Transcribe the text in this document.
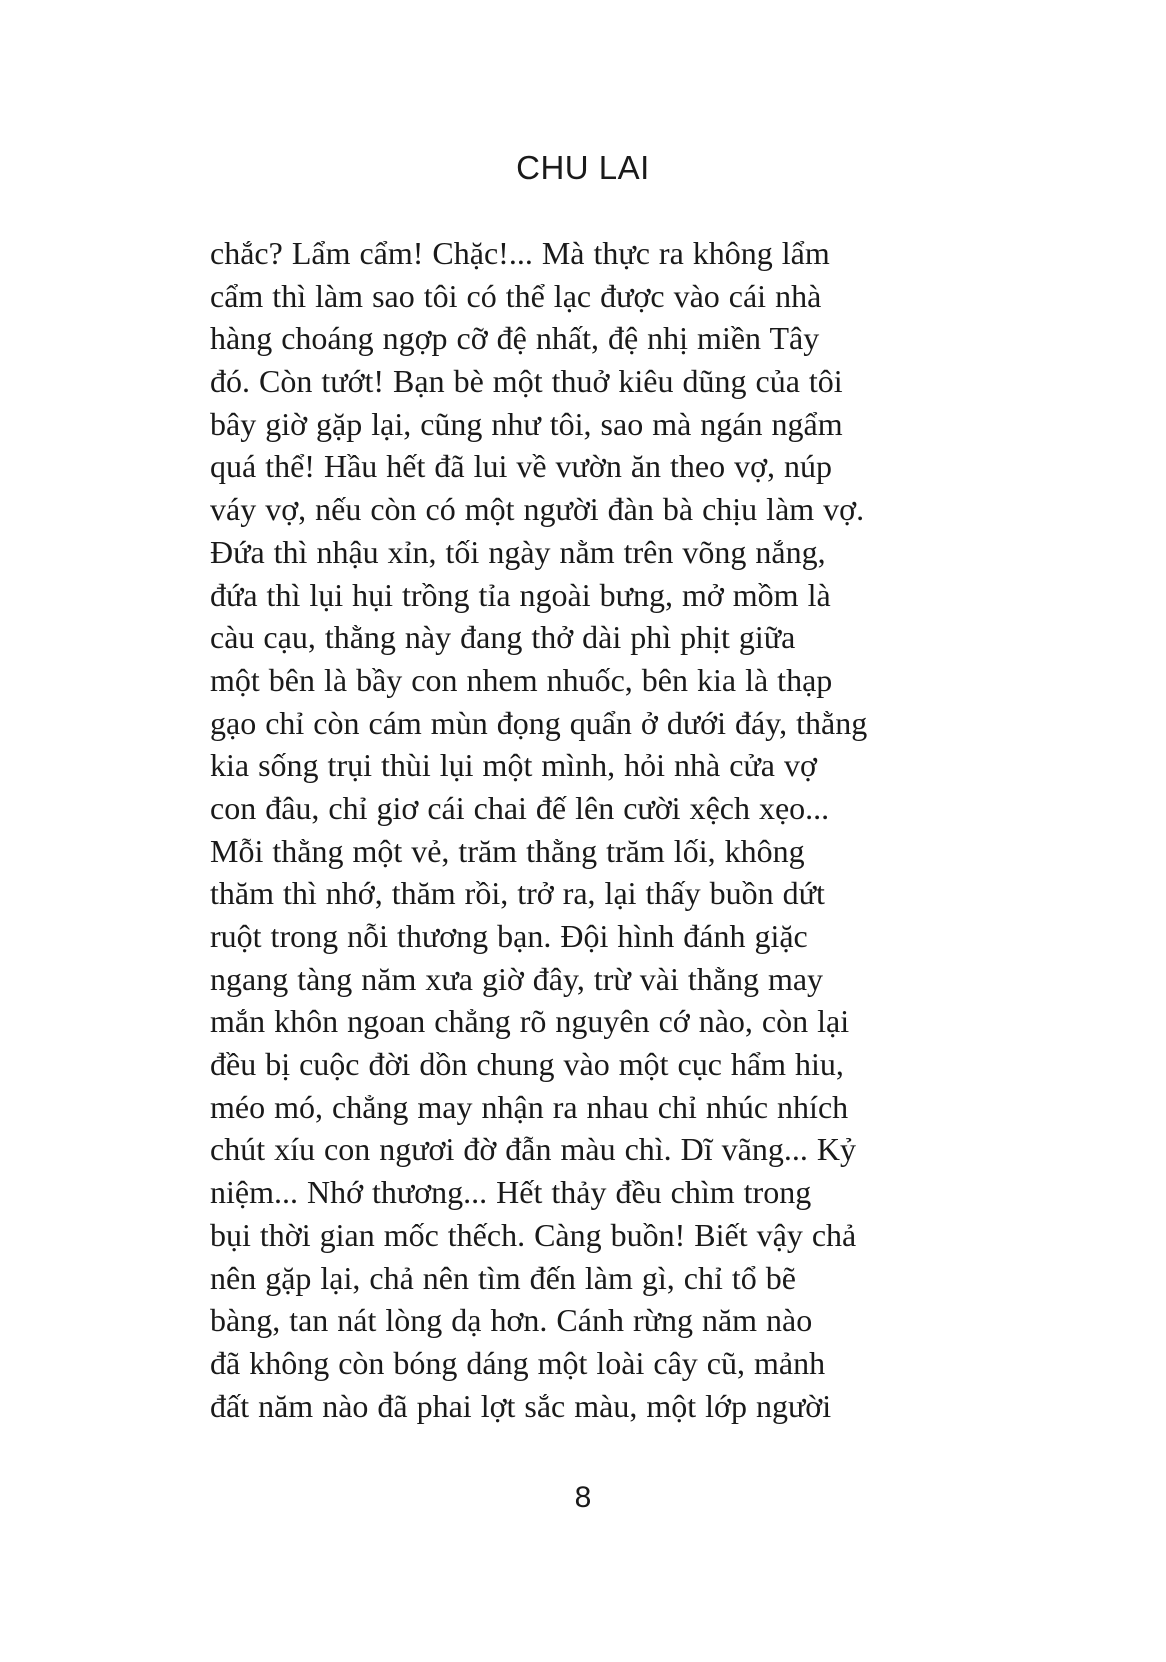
CHU LAI
chắc? Lẩm cẩm! Chặc!... Mà thực ra không lẩm
cẩm thì làm sao tôi có thể lạc được vào cái nhà
hàng choáng ngợp cỡ đệ nhất, đệ nhị miền Tây
đó. Còn tướt! Bạn bè một thuở kiêu dũng của tôi
bây giờ gặp lại, cũng như tôi, sao mà ngán ngẩm
quá thể! Hầu hết đã lui về vườn ăn theo vợ, núp
váy vợ, nếu còn có một người đàn bà chịu làm vợ.
Đứa thì nhậu xỉn, tối ngày nằm trên võng nắng,
đứa thì lụi hụi trồng tỉa ngoài bưng, mở mồm là
càu cạu, thằng này đang thở dài phì phịt giữa
một bên là bầy con nhem nhuốc, bên kia là thạp
gạo chỉ còn cám mùn đọng quẩn ở dưới đáy, thằng
kia sống trụi thùi lụi một mình, hỏi nhà cửa vợ
con đâu, chỉ giơ cái chai đế lên cười xệch xẹo...
Mỗi thằng một vẻ, trăm thằng trăm lối, không
thăm thì nhớ, thăm rồi, trở ra, lại thấy buồn dứt
ruột trong nỗi thương bạn. Đội hình đánh giặc
ngang tàng năm xưa giờ đây, trừ vài thằng may
mắn khôn ngoan chẳng rõ nguyên cớ nào, còn lại
đều bị cuộc đời dồn chung vào một cục hẩm hiu,
méo mó, chẳng may nhận ra nhau chỉ nhúc nhích
chút xíu con ngươi đờ đẫn màu chì. Dĩ vãng... Kỷ
niệm... Nhớ thương... Hết thảy đều chìm trong
bụi thời gian mốc thếch. Càng buồn! Biết vậy chả
nên gặp lại, chả nên tìm đến làm gì, chỉ tổ bẽ
bàng, tan nát lòng dạ hơn. Cánh rừng năm nào
đã không còn bóng dáng một loài cây cũ, mảnh
đất năm nào đã phai lợt sắc màu, một lớp người
8
